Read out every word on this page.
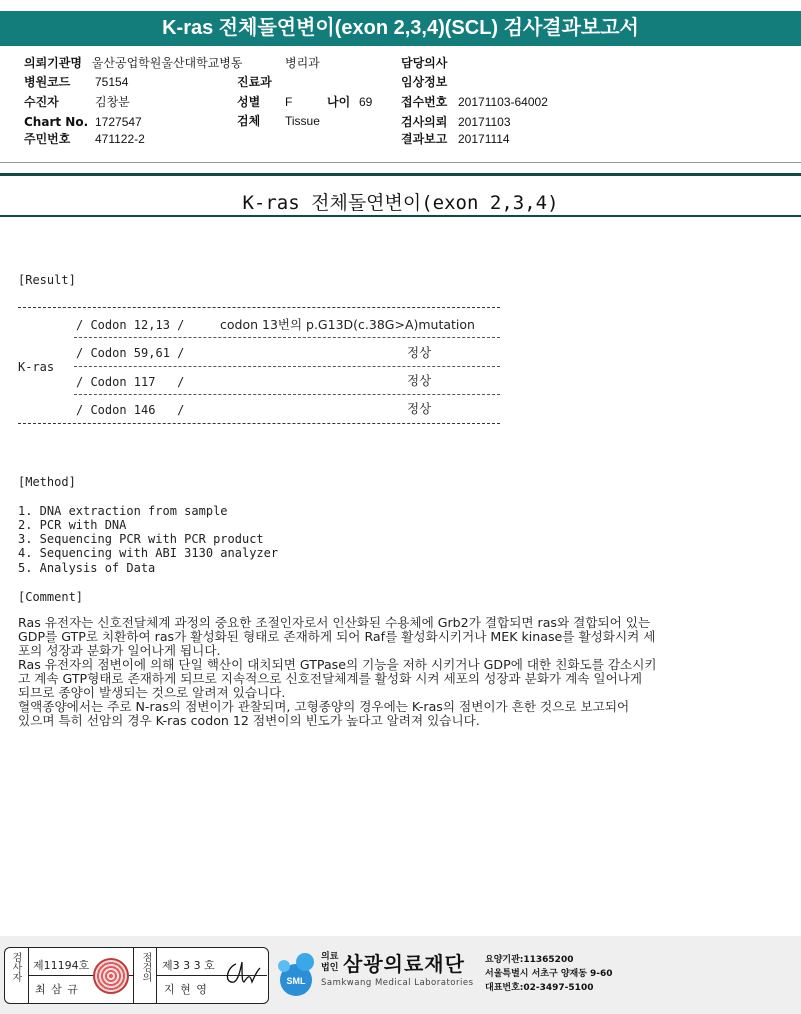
K-ras 전체돌연변이(exon 2,3,4)(SCL) 검사결과보고서
의뢰기관명 울산공업학원울산대학교병동	병리과	담당의사
병원코드 75154	진료과	임상정보
수진자	김창분	성별 F	나이 69 접수번호 20171103-64002
Chart No. 1727547	검체 Tissue	검사의뢰 20171103
주민번호 471122-2	결과보고 20171114
K-ras 전체돌연변이(exon 2,3,4)
[Result]
K-ras
/ Codon 12,13 /	codon 13번의 p.G13D(c.38G>A)mutation
/ Codon 59,61 /	정상
/ Codon 117   /	정상
/ Codon 146   /	정상
[Method]
1. DNA extraction from sample
2. PCR with DNA
3. Sequencing PCR with PCR product
4. Sequencing with ABI 3130 analyzer
5. Analysis of Data
[Comment]

Ras 유전자는 신호전달체계 과정의 중요한 조절인자로서 인산화된 수용체에 Grb2가 결합되면 ras와 결합되어 있는

GDP를 GTP로 치환하여 ras가 활성화된 형태로 존재하게 되어 Raf를 활성화시키거나 MEK kinase를 활성화시켜 세

포의 성장과 분화가 일어나게 됩니다.

Ras 유전자의 점변이에 의해 단일 핵산이 대치되면 GTPase의 기능을 저하 시키거나 GDP에 대한 친화도를 감소시키

고 계속 GTP형태로 존재하게 되므로 지속적으로 신호전달체계를 활성화 시켜 세포의 성장과 분화가 계속 일어나게

되므로 종양이 발생되는 것으로 알려져 있습니다.

혈액종양에서는 주로 N-ras의 점변이가 관찰되며, 고형종양의 경우에는 K-ras의 점변이가 흔한 것으로 보고되어

있으며 특히 선암의 경우 K-ras codon 12 점변이의 빈도가 높다고 알려져 있습니다.

검사자 제11194호
최 삼 규
점검의 제3 3 3 호
지 현 영
SML
의료
법인 삼광의료재단
Samkwang Medical Laboratories
요양기관:11365200
서울특별시 서초구 양재동 9-60
대표번호:02-3497-5100
